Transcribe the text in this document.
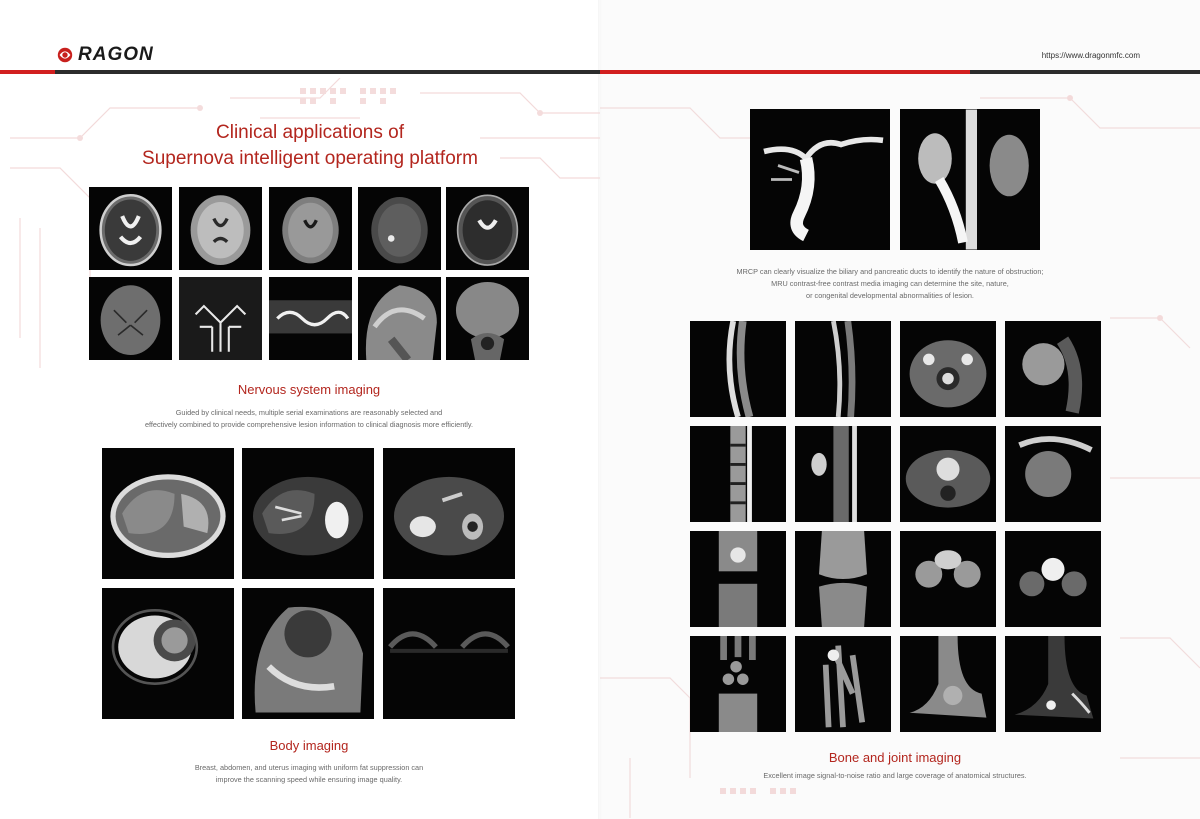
RAGON	https://www.dragonmfc.com
Clinical applications of
Supernova intelligent operating platform
Nervous system imaging
Guided by clinical needs, multiple serial examinations are reasonably selected and
effectively combined to provide comprehensive lesion information to clinical diagnosis more efficiently.
Body imaging
Breast, abdomen, and uterus imaging with uniform fat suppression can
improve the scanning speed while ensuring image quality.
MRCP can clearly visualize the biliary and pancreatic ducts to identify the nature of obstruction;
MRU contrast-free contrast media imaging can determine the site, nature,
or congenital developmental abnormalities of lesion.
Bone and joint imaging
Excellent image signal-to-noise ratio and large coverage of anatomical structures.
